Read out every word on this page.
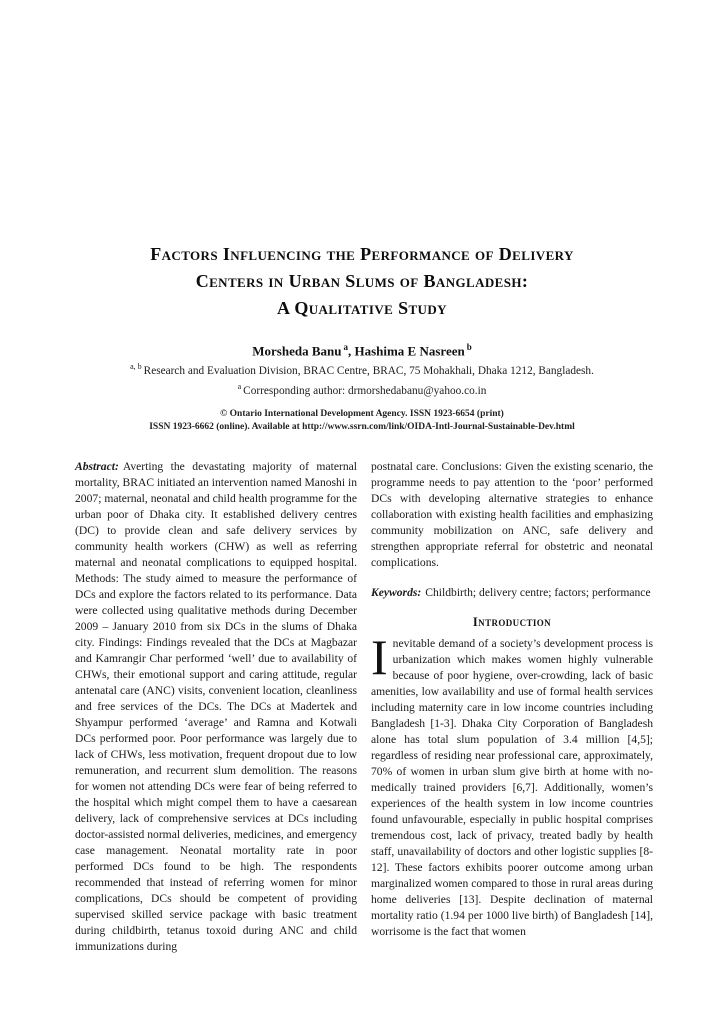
Factors Influencing the Performance of Delivery
Centers in Urban Slums of Bangladesh:
A Qualitative Study
Morsheda Banu $^a$, Hashima E Nasreen $^b$
$^{a, b}$ Research and Evaluation Division, BRAC Centre, BRAC, 75 Mohakhali, Dhaka 1212, Bangladesh.
$^a$ Corresponding author: drmorshedabanu@yahoo.co.in
© Ontario International Development Agency. ISSN 1923-6654 (print)
ISSN 1923-6662 (online). Available at http://www.ssrn.com/link/OIDA-Intl-Journal-Sustainable-Dev.html

Abstract: Averting the devastating majority of maternal mortality, BRAC initiated an intervention named Manoshi in 2007; maternal, neonatal and child health programme for the urban poor of Dhaka city. It established delivery centres (DC) to provide clean and safe delivery services by community health workers (CHW) as well as referring maternal and neonatal complications to equipped hospital. Methods: The study aimed to measure the performance of DCs and explore the factors related to its performance. Data were collected using qualitative methods during December 2009 – January 2010 from six DCs in the slums of Dhaka city. Findings: Findings revealed that the DCs at Magbazar and Kamrangir Char performed ‘well’ due to availability of CHWs, their emotional support and caring attitude, regular antenatal care (ANC) visits, convenient location, cleanliness and free services of the DCs. The DCs at Madertek and Shyampur performed ‘average’ and Ramna and Kotwali DCs performed poor. Poor performance was largely due to lack of CHWs, less motivation, frequent dropout due to low remuneration, and recurrent slum demolition. The reasons for women not attending DCs were fear of being referred to the hospital which might compel them to have a caesarean delivery, lack of comprehensive services at DCs including doctor-assisted normal deliveries, medicines, and emergency case management. Neonatal mortality rate in poor performed DCs found to be high. The respondents recommended that instead of referring women for minor complications, DCs should be competent of providing supervised skilled service package with basic treatment during childbirth, tetanus toxoid during ANC and child immunizations during

postnatal care. Conclusions: Given the existing scenario, the programme needs to pay attention to the ‘poor’ performed DCs with developing alternative strategies to enhance collaboration with existing health facilities and emphasizing community mobilization on ANC, safe delivery and strengthen appropriate referral for obstetric and neonatal complications.

Keywords: Childbirth; delivery centre; factors; performance

Introduction

Inevitable demand of a society’s development process is urbanization which makes women highly vulnerable because of poor hygiene, over-crowding, lack of basic amenities, low availability and use of formal health services including maternity care in low income countries including Bangladesh [1-3]. Dhaka City Corporation of Bangladesh alone has total slum population of 3.4 million [4,5]; regardless of residing near professional care, approximately, 70% of women in urban slum give birth at home with no-medically trained providers [6,7]. Additionally, women’s experiences of the health system in low income countries found unfavourable, especially in public hospital comprises tremendous cost, lack of privacy, treated badly by health staff, unavailability of doctors and other logistic supplies [8-12]. These factors exhibits poorer outcome among urban marginalized women compared to those in rural areas during home deliveries [13]. Despite declination of maternal mortality ratio (1.94 per 1000 live birth) of Bangladesh [14], worrisome is the fact that women
